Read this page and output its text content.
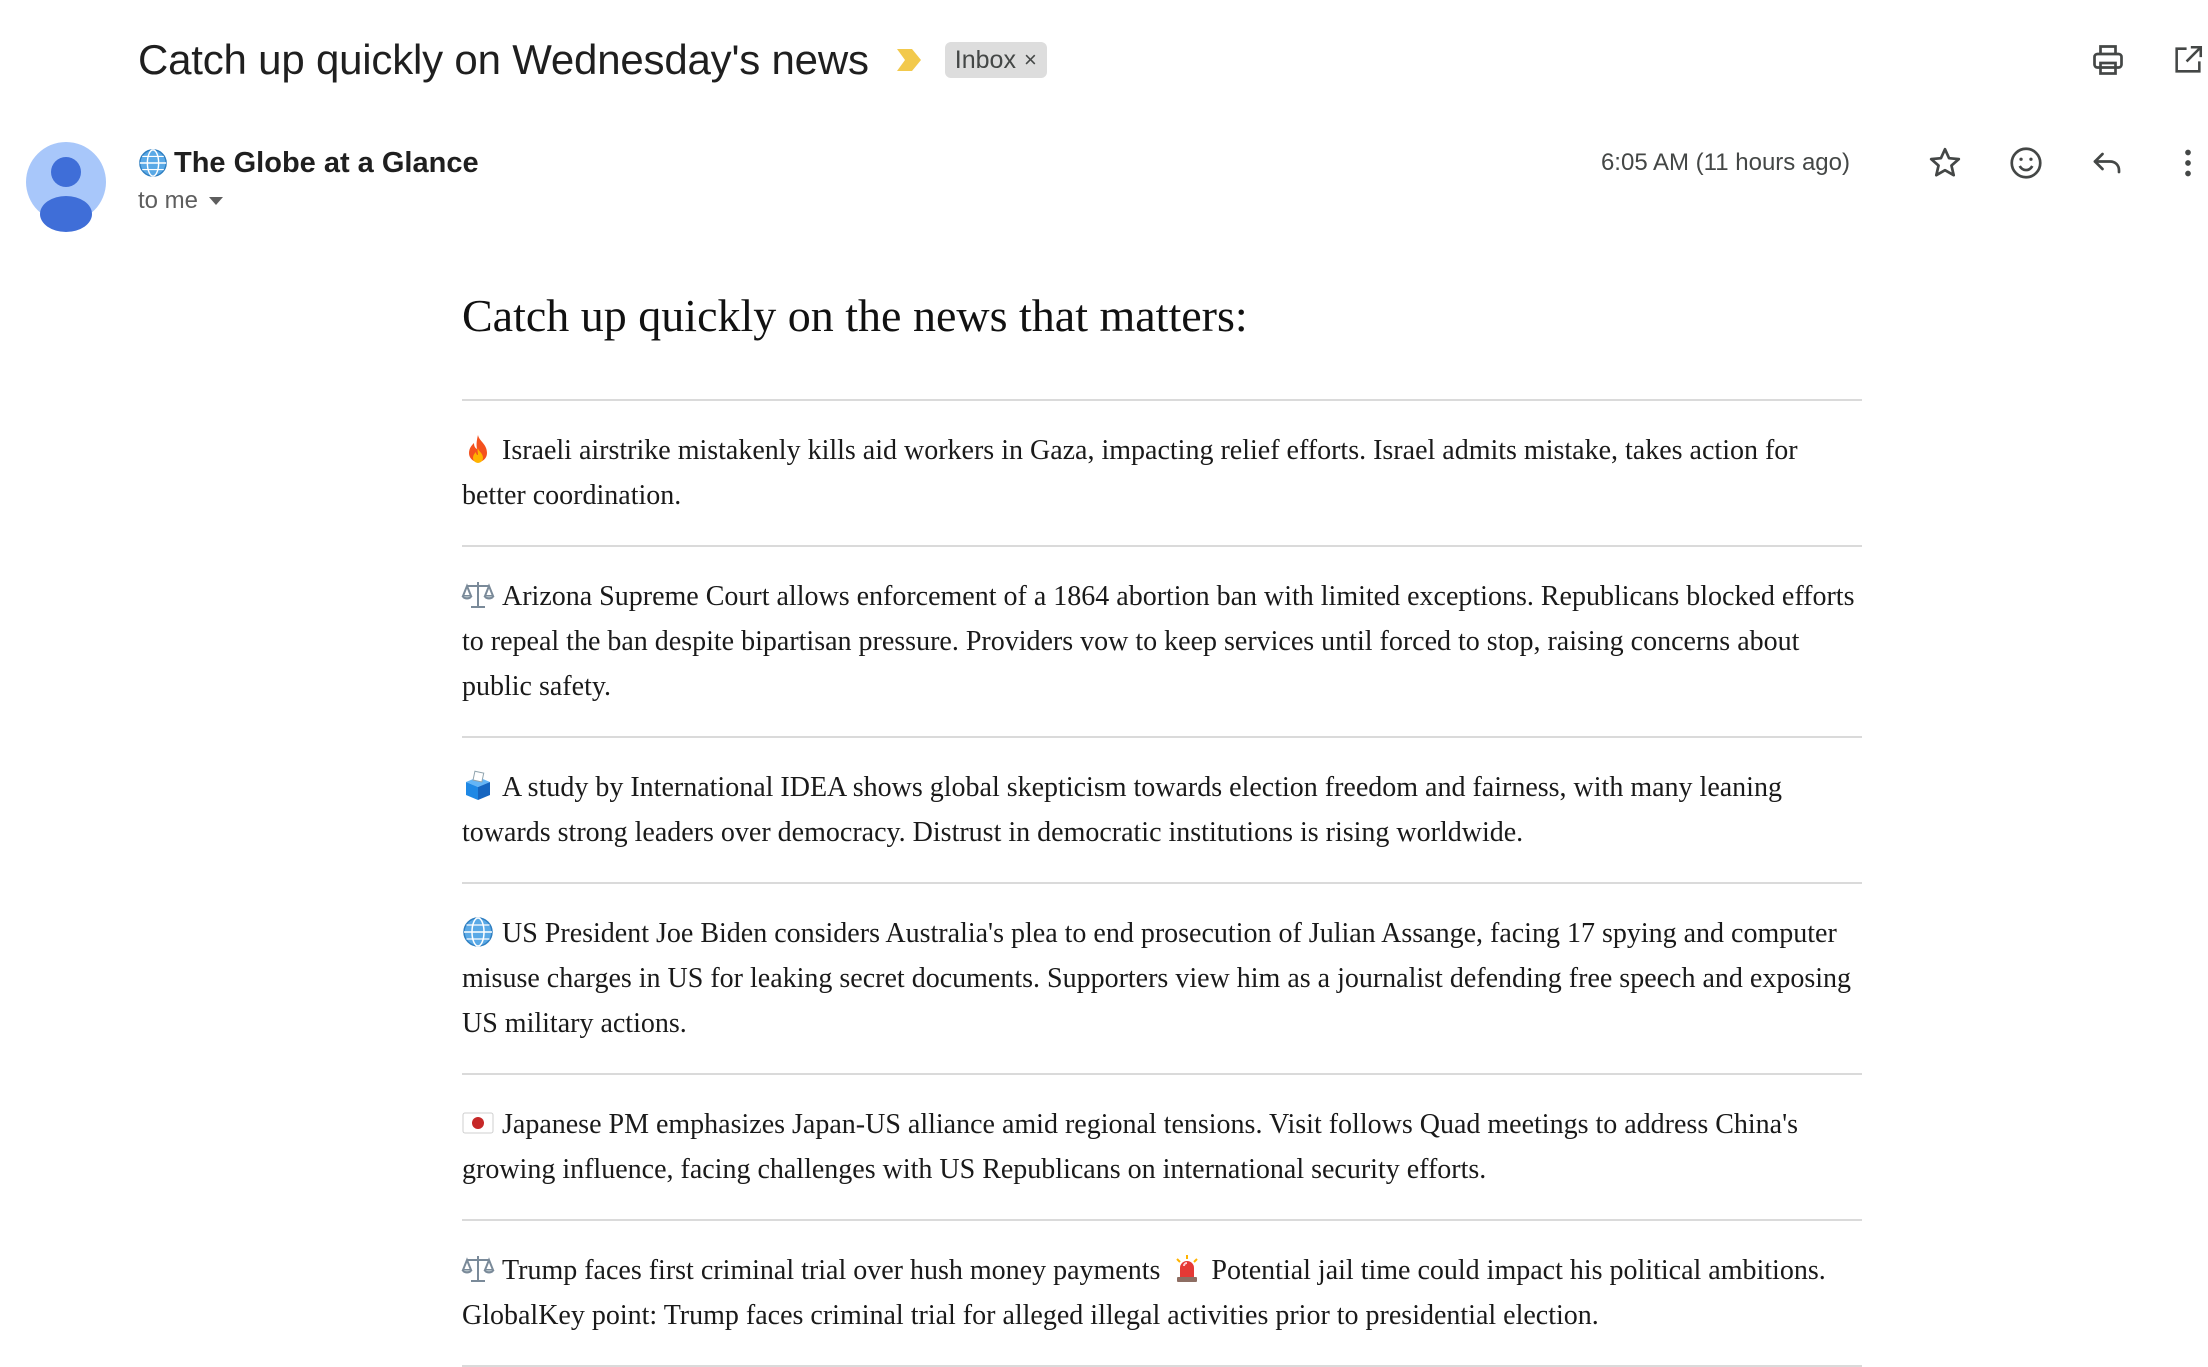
Catch up quickly on Wednesday's news	Inbox ×
The Globe at a Glance
to me
6:05 AM (11 hours ago)
Catch up quickly on the news that matters:
Israeli airstrike mistakenly kills aid workers in Gaza, impacting relief efforts. Israel admits mistake, takes action for better coordination.
Arizona Supreme Court allows enforcement of a 1864 abortion ban with limited exceptions. Republicans blocked efforts to repeal the ban despite bipartisan pressure. Providers vow to keep services until forced to stop, raising concerns about public safety.
A study by International IDEA shows global skepticism towards election freedom and fairness, with many leaning towards strong leaders over democracy. Distrust in democratic institutions is rising worldwide.
US President Joe Biden considers Australia's plea to end prosecution of Julian Assange, facing 17 spying and computer misuse charges in US for leaking secret documents. Supporters view him as a journalist defending free speech and exposing US military actions.
Japanese PM emphasizes Japan-US alliance amid regional tensions. Visit follows Quad meetings to address China's growing influence, facing challenges with US Republicans on international security efforts.
Trump faces first criminal trial over hush money payments Potential jail time could impact his political ambitions. GlobalKey point: Trump faces criminal trial for alleged illegal activities prior to presidential election.
